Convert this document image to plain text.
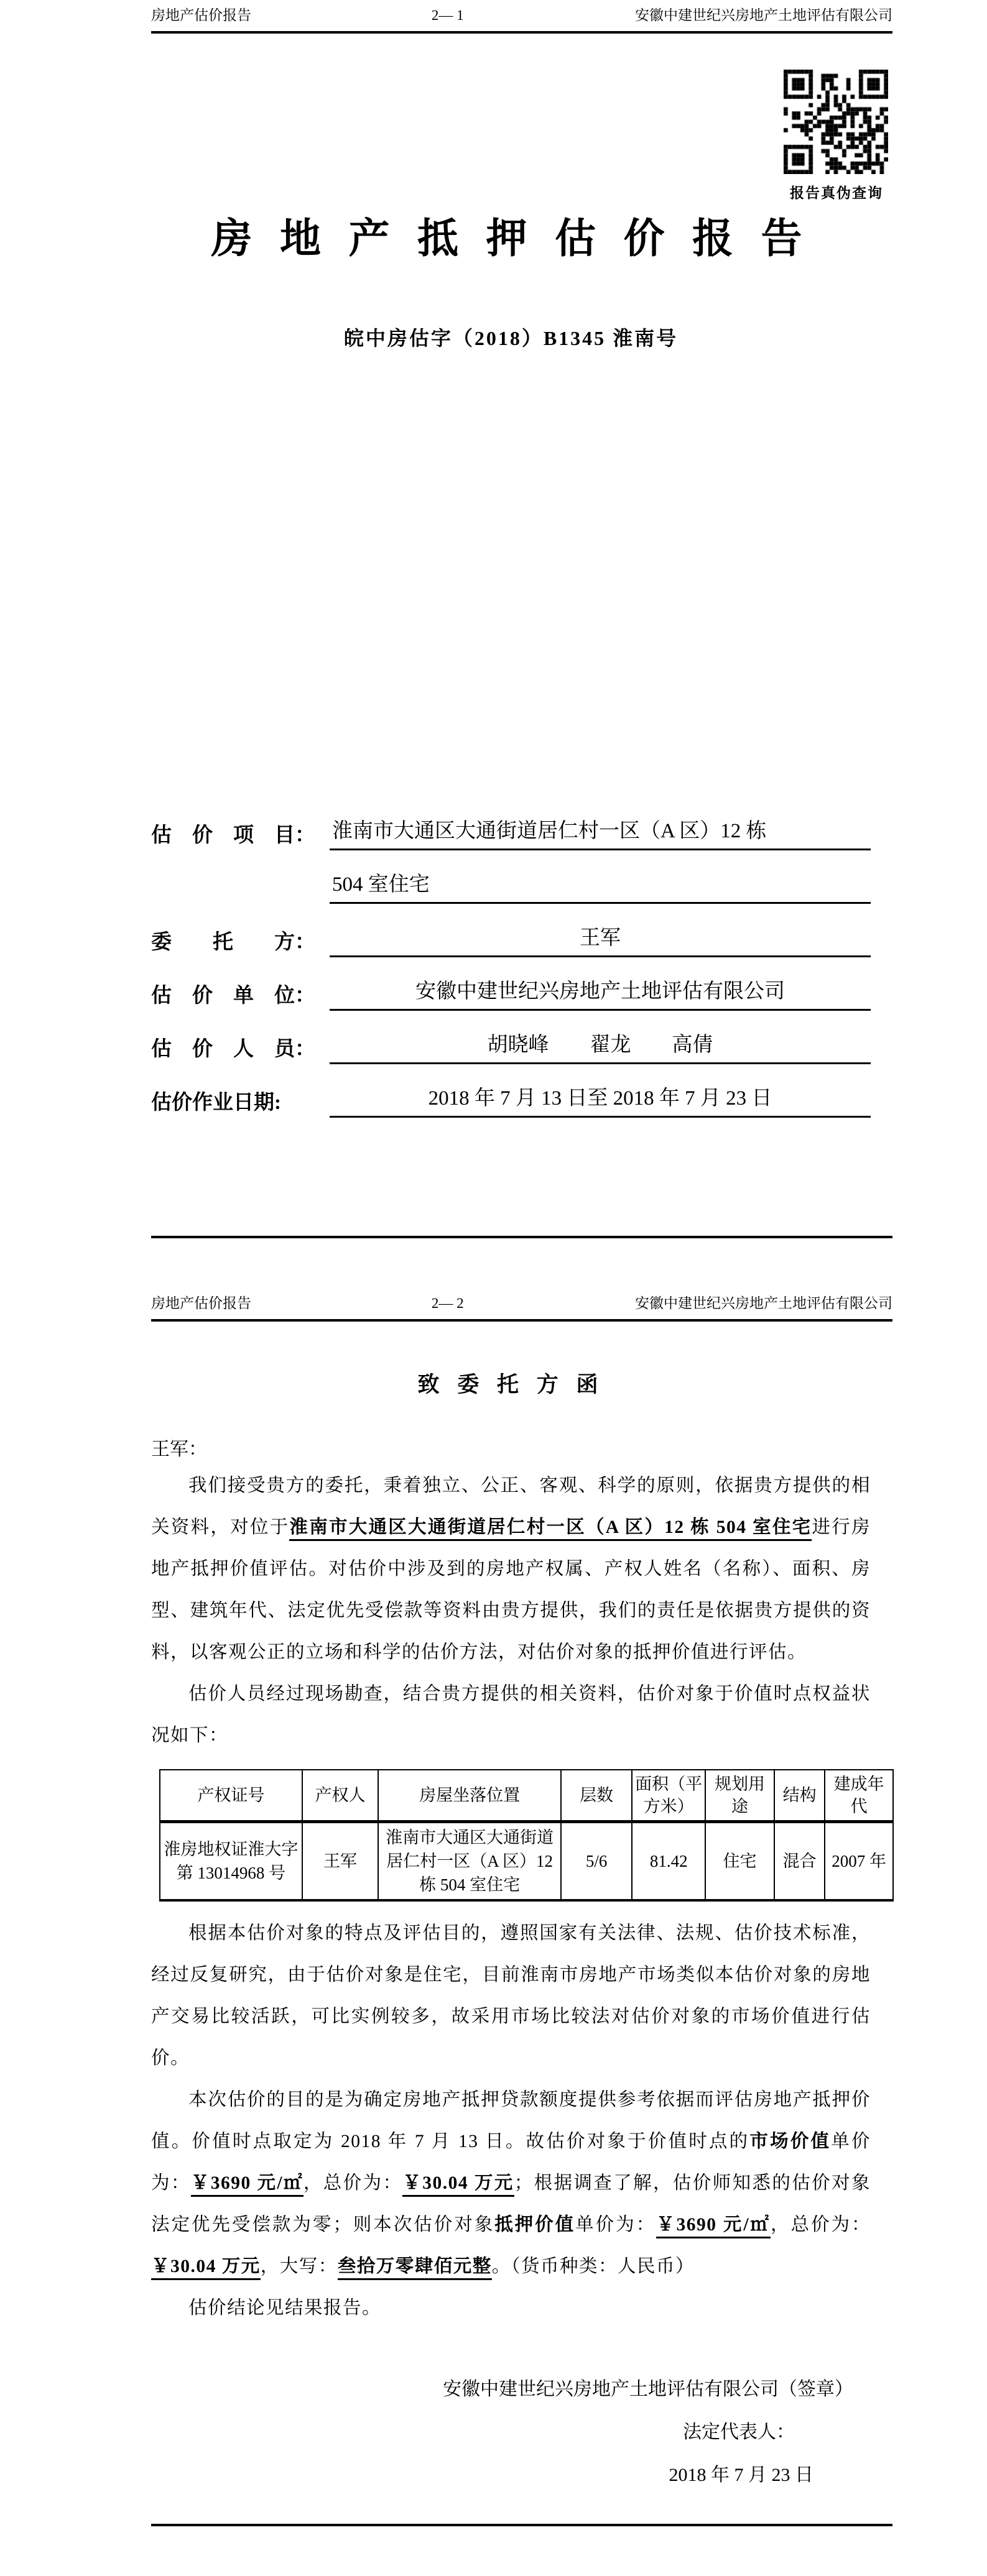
房地产估价报告	2— 1	安徽中建世纪兴房地产土地评估有限公司
报告真伪查询
房 地 产 抵 押 估 价 报 告
皖中房估字（2018）B1345 淮南号
估　价　项　目： 淮南市大通区大通街道居仁村一区（A 区）12 栋
504 室住宅
委　　托　　方：	王军
估　价　单　位：	安徽中建世纪兴房地产土地评估有限公司
估　价　人　员：	胡晓峰　　翟龙　　高倩
估价作业日期:	2018 年 7 月 13 日至 2018 年 7 月 23 日

房地产估价报告	2— 2	安徽中建世纪兴房地产土地评估有限公司
致 委 托 方 函
王军：

我们接受贵方的委托，秉着独立、公正、客观、科学的原则，依据贵方提供的相关资料，对位于淮南市大通区大通街道居仁村一区（A 区）12 栋 504 室住宅进行房地产抵押价值评估。对估价中涉及到的房地产权属、产权人姓名（名称）、面积、房型、建筑年代、法定优先受偿款等资料由贵方提供，我们的责任是依据贵方提供的资料，以客观公正的立场和科学的估价方法，对估价对象的抵押价值进行评估。

估价人员经过现场勘查，结合贵方提供的相关资料，估价对象于价值时点权益状况如下：

产权证号	产权人	房屋坐落位置	层数	面积（平方米）	规划用途	结构	建成年代
淮房地权证淮大字第 13014968 号	王军	淮南市大通区大通街道居仁村一区（A 区）12 栋 504 室住宅	5/6	81.42	住宅	混合	2007 年

根据本估价对象的特点及评估目的，遵照国家有关法律、法规、估价技术标准，经过反复研究，由于估价对象是住宅，目前淮南市房地产市场类似本估价对象的房地产交易比较活跃，可比实例较多，故采用市场比较法对估价对象的市场价值进行估价。

本次估价的目的是为确定房地产抵押贷款额度提供参考依据而评估房地产抵押价值。价值时点取定为 2018 年 7 月 13 日。故估价对象于价值时点的市场价值单价为：￥3690 元/㎡，总价为：￥30.04 万元；根据调查了解，估价师知悉的估价对象法定优先受偿款为零；则本次估价对象抵押价值单价为：￥3690 元/㎡，总价为：￥30.04 万元，大写：叁拾万零肆佰元整。（货币种类：人民币）

估价结论见结果报告。

安徽中建世纪兴房地产土地评估有限公司（签章）
法定代表人：
2018 年 7 月 23 日
